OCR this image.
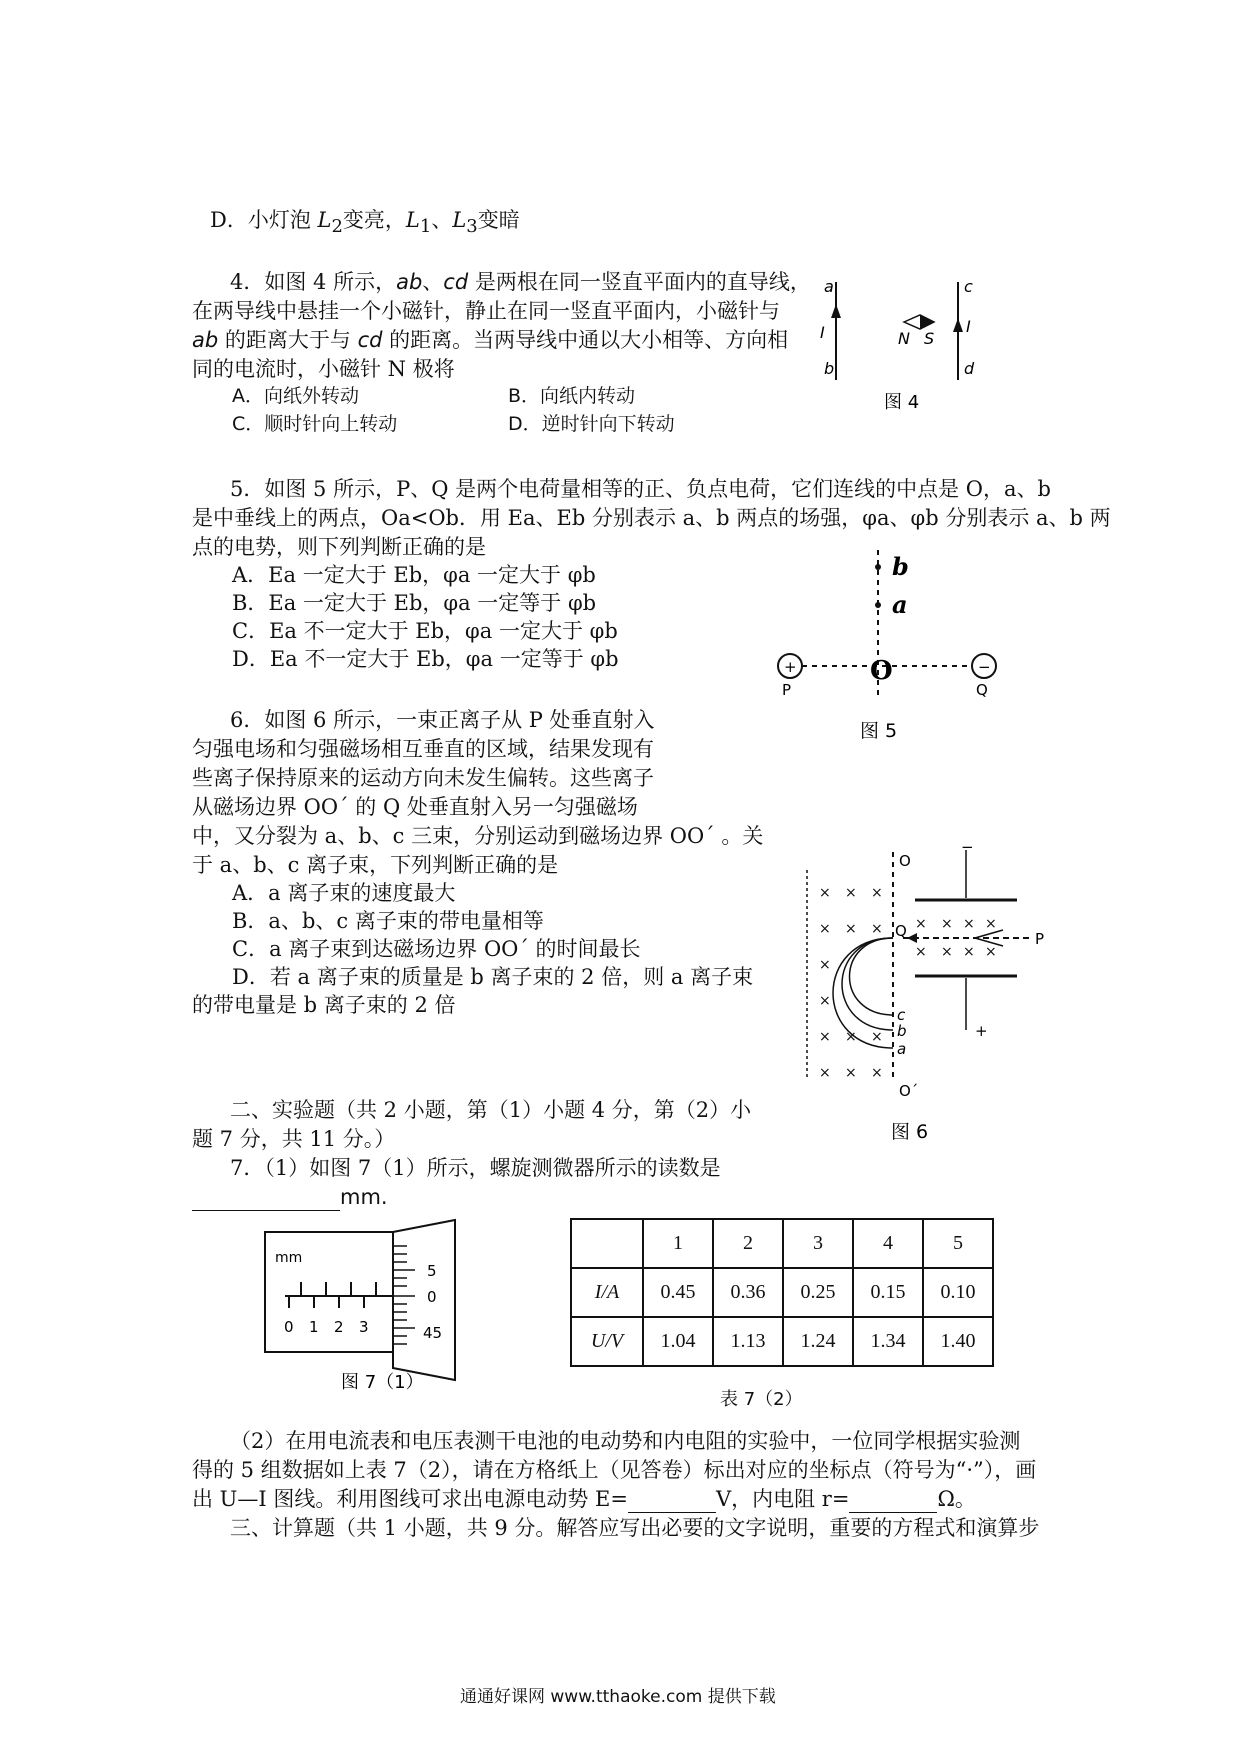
D．小灯泡 $L_2$变亮，$L_1$、$L_3$变暗
4．如图 4 所示，ab、cd 是两根在同一竖直平面内的直导线，
在两导线中悬挂一个小磁针，静止在同一竖直平面内，小磁针与
ab 的距离大于与 cd 的距离。当两导线中通以大小相等、方向相
同的电流时，小磁针 N 极将
A．向纸外转动	B．向纸内转动
C．顺时针向上转动	D．逆时针向下转动
a
I
b
c
I
d
N S
图 4
5．如图 5 所示，P、Q 是两个电荷量相等的正、负点电荷，它们连线的中点是 O，a、b
是中垂线上的两点，Oa<Ob．用 Ea、Eb 分别表示 a、b 两点的场强，φa、φb 分别表示 a、b 两
点的电势，则下列判断正确的是
A．Ea 一定大于 Eb，φa 一定大于 φb
B．Ea 一定大于 Eb，φa 一定等于 φb
C．Ea 不一定大于 Eb，φa 一定大于 φb
D．Ea 不一定大于 Eb，φa 一定等于 φb	+	−
b
a
O
P	Q
图 5
6．如图 6 所示，一束正离子从 P 处垂直射入
匀强电场和匀强磁场相互垂直的区域，结果发现有
些离子保持原来的运动方向未发生偏转。这些离子
从磁场边界 OO´ 的 Q 处垂直射入另一匀强磁场
中，又分裂为 a、b、c 三束，分别运动到磁场边界 OO´ 。关
于 a、b、c 离子束，下列判断正确的是
A．a 离子束的速度最大
B．a、b、c 离子束的带电量相等
C．a 离子束到达磁场边界 OO´ 的时间最长
D．若 a 离子束的质量是 b 离子束的 2 倍，则 a 离子束
的带电量是 b 离子束的 2 倍
× × ×
× × ×
×
×
× × ×
× × ×
× × × ×
× × × ×
−
+
O
O´
Q	P
c
b
a
图 6
二、实验题（共 2 小题，第（1）小题 4 分，第（2）小
题 7 分，共 11 分。）
7．（1）如图 7（1）所示，螺旋测微器所示的读数是
mm.
mm
0 1 2 3
5
0
45
图 7（1）
	1	2	3	4	5
I/A	0.45	0.36	0.25	0.15	0.10
U/V	1.04	1.13	1.24	1.34	1.40
表 7（2）
（2）在用电流表和电压表测干电池的电动势和内电阻的实验中，一位同学根据实验测
得的 5 组数据如上表 7（2），请在方格纸上（见答卷）标出对应的坐标点（符号为“·”），画
出 U—I 图线。利用图线可求出电源电动势 E=	V，内电阻 r=	Ω。
三、计算题（共 1 小题，共 9 分。解答应写出必要的文字说明，重要的方程式和演算步
通通好课网 www.tthaoke.com 提供下载
